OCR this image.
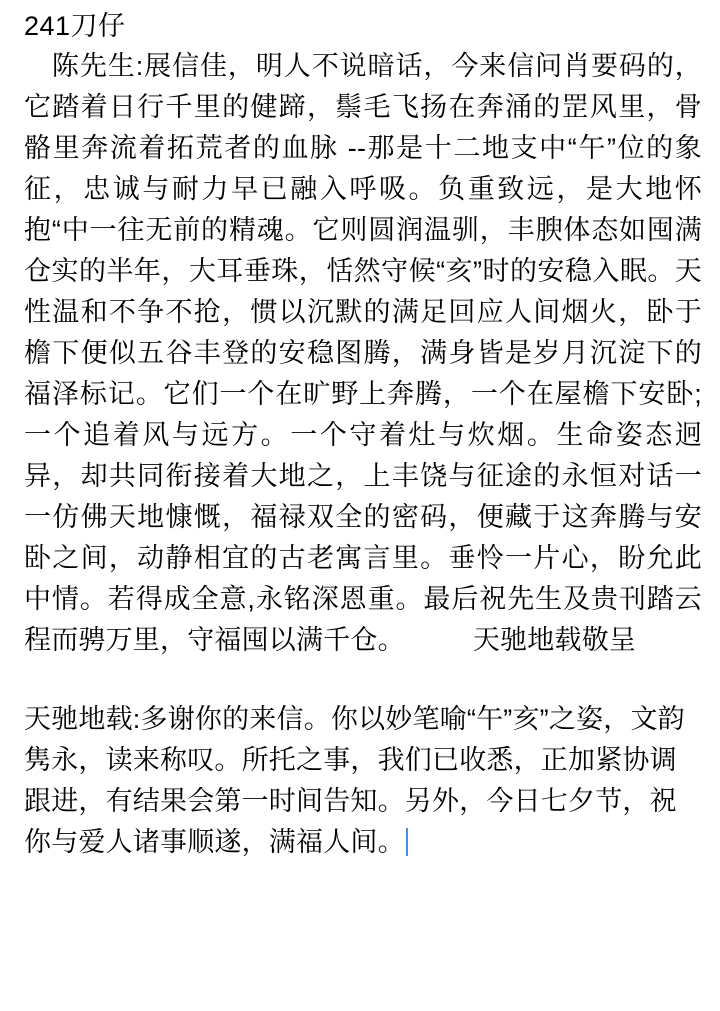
241刀仔

　陈先生:展信佳，明人不说暗话，今来信问肖要码的，它踏着日行千里的健蹄，鬃毛飞扬在奔涌的罡风里，骨骼里奔流着拓荒者的血脉 --那是十二地支中“午”位的象征，忠诚与耐力早已融入呼吸。负重致远，是大地怀抱“中一往无前的精魂。它则圆润温驯，丰腴体态如囤满仓实的半年，大耳垂珠，恬然守候“亥”时的安稳入眠。天性温和不争不抢，惯以沉默的满足回应人间烟火，卧于檐下便似五谷丰登的安稳图腾，满身皆是岁月沉淀下的福泽标记。它们一个在旷野上奔腾，一个在屋檐下安卧;一个追着风与远方。一个守着灶与炊烟。生命姿态迥异，却共同衔接着大地之，上丰饶与征途的永恒对话一一仿佛天地慷慨，福禄双全的密码，便藏于这奔腾与安卧之间，动静相宜的古老寓言里。垂怜一片心，盼允此中情。若得成全意,永铭深恩重。最后祝先生及贵刊踏云程而骋万里，守福囤以满千仓。　　　天驰地载敬呈

天驰地载:多谢你的来信。你以妙笔喻“午”亥”之姿，文韵隽永，读来称叹。所托之事，我们已收悉，正加紧协调跟进，有结果会第一时间告知。另外，今日七夕节，祝你与爱人诸事顺遂，满福人间。
